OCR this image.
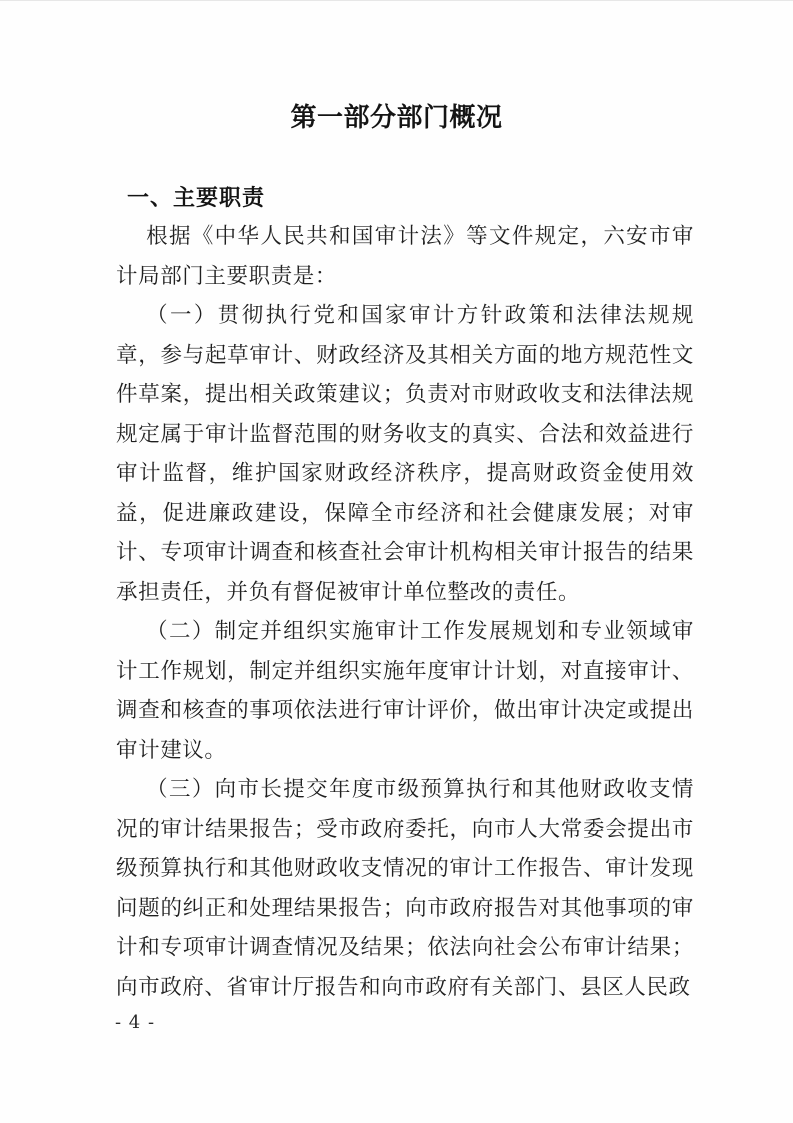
第一部分部门概况
一、主要职责

根据《中华人民共和国审计法》等文件规定，六安市审计局部门主要职责是：

（一）贯彻执行党和国家审计方针政策和法律法规规章，参与起草审计、财政经济及其相关方面的地方规范性文件草案，提出相关政策建议；负责对市财政收支和法律法规规定属于审计监督范围的财务收支的真实、合法和效益进行审计监督，维护国家财政经济秩序，提高财政资金使用效益，促进廉政建设，保障全市经济和社会健康发展；对审计、专项审计调查和核查社会审计机构相关审计报告的结果承担责任，并负有督促被审计单位整改的责任。

（二）制定并组织实施审计工作发展规划和专业领域审计工作规划，制定并组织实施年度审计计划，对直接审计、调查和核查的事项依法进行审计评价，做出审计决定或提出审计建议。

（三）向市长提交年度市级预算执行和其他财政收支情况的审计结果报告；受市政府委托，向市人大常委会提出市级预算执行和其他财政收支情况的审计工作报告、审计发现问题的纠正和处理结果报告；向市政府报告对其他事项的审计和专项审计调查情况及结果；依法向社会公布审计结果；向市政府、省审计厅报告和向市政府有关部门、县区人民政

- 4 -
